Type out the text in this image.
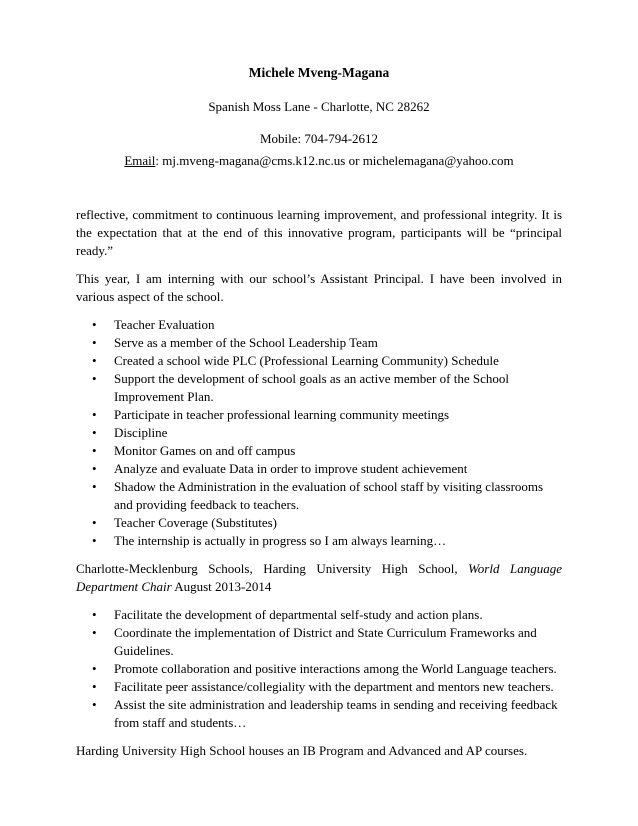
Michele Mveng-Magana
Spanish Moss Lane - Charlotte, NC 28262
Mobile: 704-794-2612
Email: mj.mveng-magana@cms.k12.nc.us or michelemagana@yahoo.com

reflective, commitment to continuous learning improvement, and professional integrity. It is the expectation that at the end of this innovative program, participants will be “principal ready.”

This year, I am interning with our school’s Assistant Principal. I have been involved in various aspect of the school.

• Teacher Evaluation
• Serve as a member of the School Leadership Team
• Created a school wide PLC (Professional Learning Community) Schedule
• Support the development of school goals as an active member of the School Improvement Plan.
• Participate in teacher professional learning community meetings
• Discipline
• Monitor Games on and off campus
• Analyze and evaluate Data in order to improve student achievement
• Shadow the Administration in the evaluation of school staff by visiting classrooms and providing feedback to teachers.
• Teacher Coverage (Substitutes)
• The internship is actually in progress so I am always learning…

Charlotte-Mecklenburg Schools, Harding University High School, World Language Department Chair August 2013-2014

• Facilitate the development of departmental self-study and action plans.
• Coordinate the implementation of District and State Curriculum Frameworks and Guidelines.
• Promote collaboration and positive interactions among the World Language teachers.
• Facilitate peer assistance/collegiality with the department and mentors new teachers.
• Assist the site administration and leadership teams in sending and receiving feedback from staff and students…

Harding University High School houses an IB Program and Advanced and AP courses.
